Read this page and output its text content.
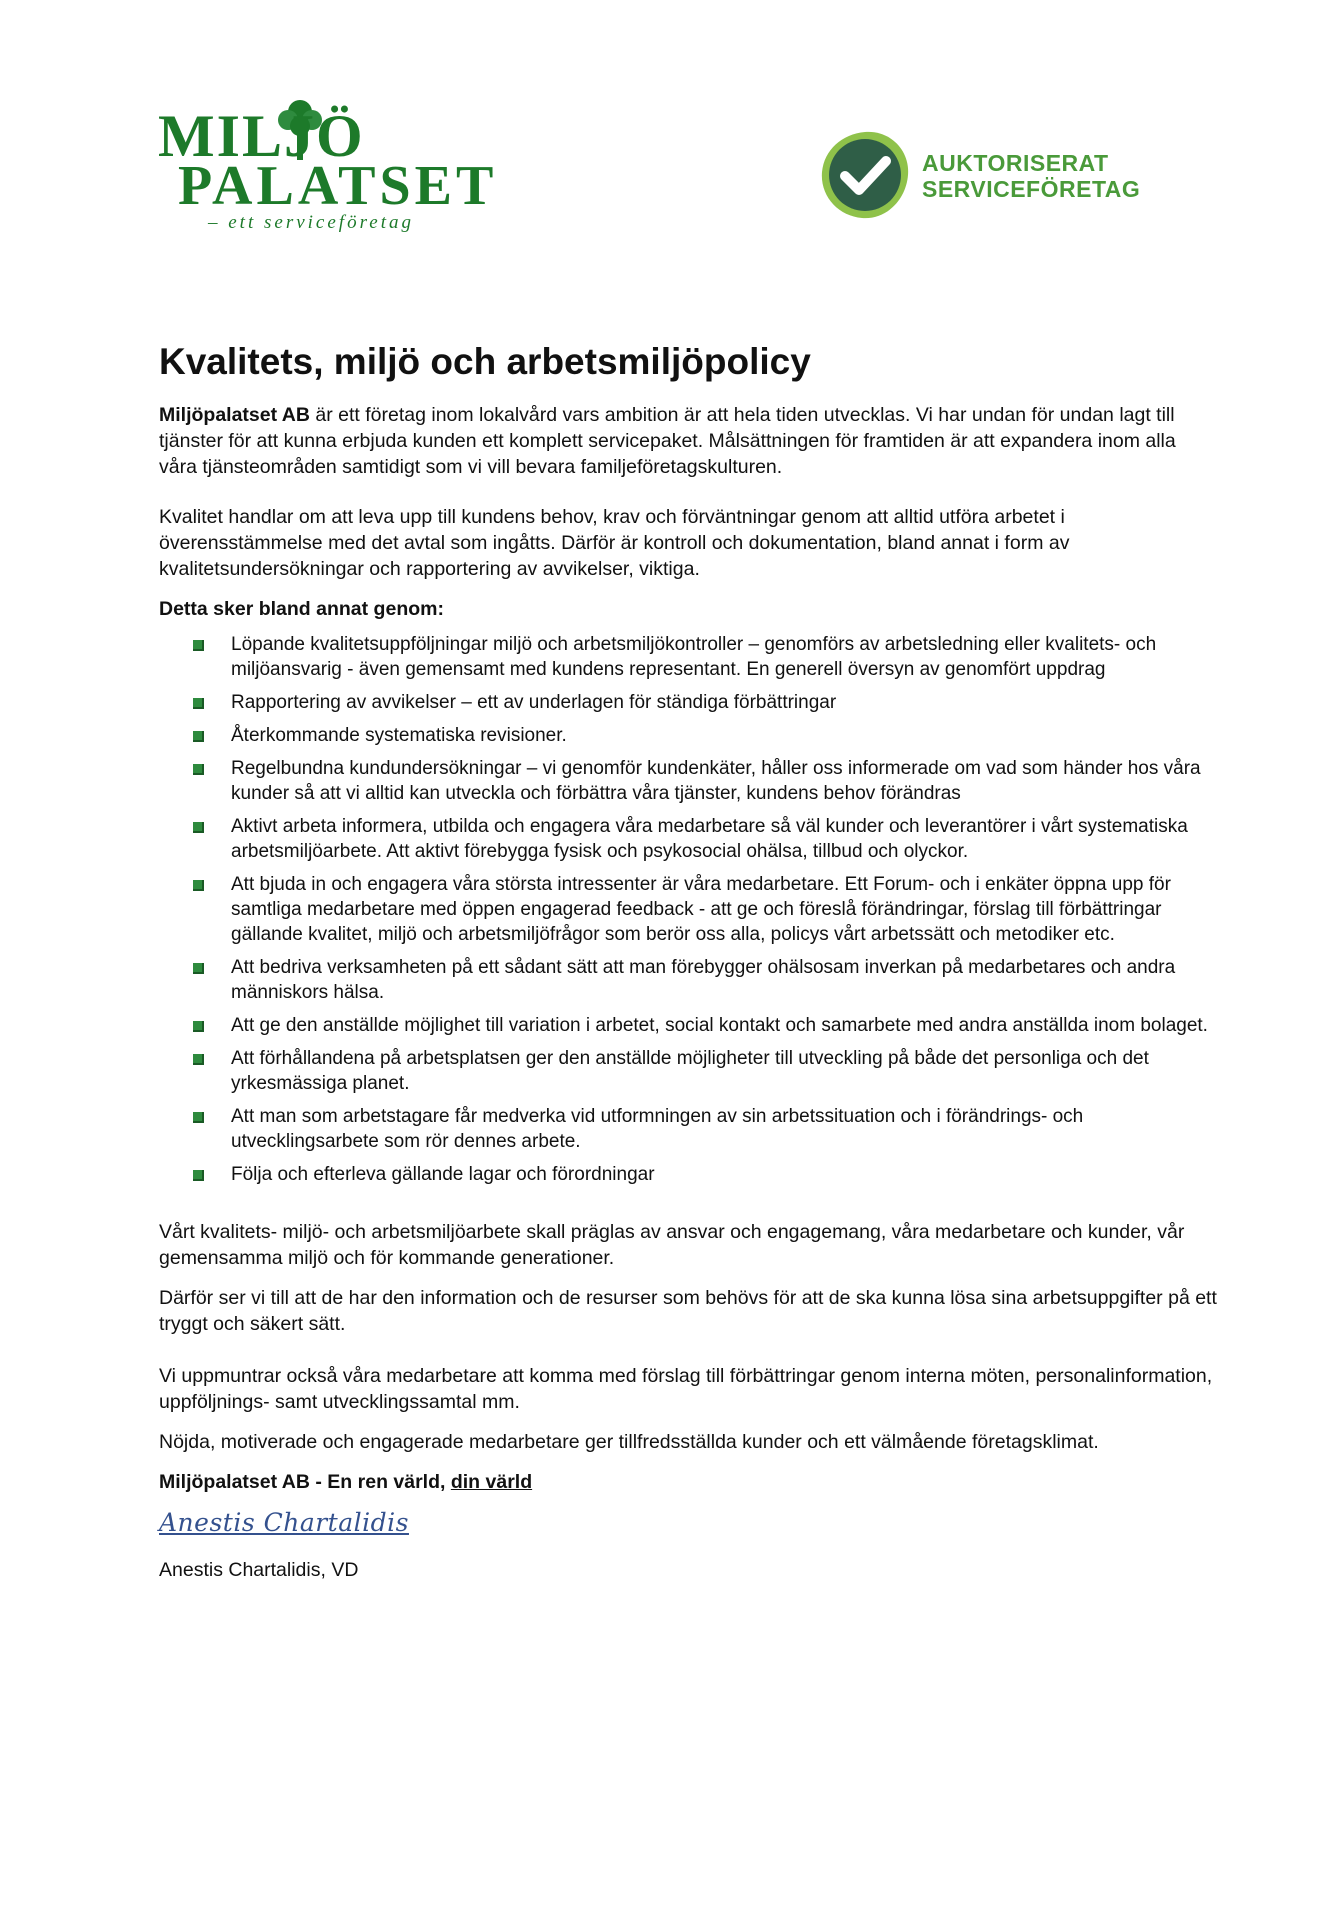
MILJÖ
PALATSET
– ett serviceföretag
AUKTORISERAT
SERVICEFÖRETAG
Kvalitets, miljö och arbetsmiljöpolicy

Miljöpalatset AB är ett företag inom lokalvård vars ambition är att hela tiden utvecklas. Vi har undan för undan lagt till tjänster för att kunna erbjuda kunden ett komplett servicepaket. Målsättningen för framtiden är att expandera inom alla våra tjänsteområden samtidigt som vi vill bevara familjeföretagskulturen.

Kvalitet handlar om att leva upp till kundens behov, krav och förväntningar genom att alltid utföra arbetet i överensstämmelse med det avtal som ingåtts. Därför är kontroll och dokumentation, bland annat i form av kvalitetsundersökningar och rapportering av avvikelser, viktiga.

Detta sker bland annat genom:
Löpande kvalitetsuppföljningar miljö och arbetsmiljökontroller – genomförs av arbetsledning eller kvalitets- och miljöansvarig - även gemensamt med kundens representant. En generell översyn av genomfört uppdrag
Rapportering av avvikelser – ett av underlagen för ständiga förbättringar
Återkommande systematiska revisioner.
Regelbundna kundundersökningar – vi genomför kundenkäter, håller oss informerade om vad som händer hos våra kunder så att vi alltid kan utveckla och förbättra våra tjänster, kundens behov förändras
Aktivt arbeta informera, utbilda och engagera våra medarbetare så väl kunder och leverantörer i vårt systematiska arbetsmiljöarbete. Att aktivt förebygga fysisk och psykosocial ohälsa, tillbud och olyckor.
Att bjuda in och engagera våra största intressenter är våra medarbetare. Ett Forum- och i enkäter öppna upp för samtliga medarbetare med öppen engagerad feedback - att ge och föreslå förändringar, förslag till förbättringar gällande kvalitet, miljö och arbetsmiljöfrågor som berör oss alla, policys vårt arbetssätt och metodiker etc.
Att bedriva verksamheten på ett sådant sätt att man förebygger ohälsosam inverkan på medarbetares och andra människors hälsa.
Att ge den anställde möjlighet till variation i arbetet, social kontakt och samarbete med andra anställda inom bolaget.
Att förhållandena på arbetsplatsen ger den anställde möjligheter till utveckling på både det personliga och det yrkesmässiga planet.
Att man som arbetstagare får medverka vid utformningen av sin arbetssituation och i förändrings- och utvecklingsarbete som rör dennes arbete.
Följa och efterleva gällande lagar och förordningar

Vårt kvalitets- miljö- och arbetsmiljöarbete skall präglas av ansvar och engagemang, våra medarbetare och kunder, vår gemensamma miljö och för kommande generationer.

Därför ser vi till att de har den information och de resurser som behövs för att de ska kunna lösa sina arbetsuppgifter på ett tryggt och säkert sätt.

Vi uppmuntrar också våra medarbetare att komma med förslag till förbättringar genom interna möten, personalinformation, uppföljnings- samt utvecklingssamtal mm.

Nöjda, motiverade och engagerade medarbetare ger tillfredsställda kunder och ett välmående företagsklimat.

Miljöpalatset AB - En ren värld, din värld
Anestis Chartalidis
Anestis Chartalidis, VD
